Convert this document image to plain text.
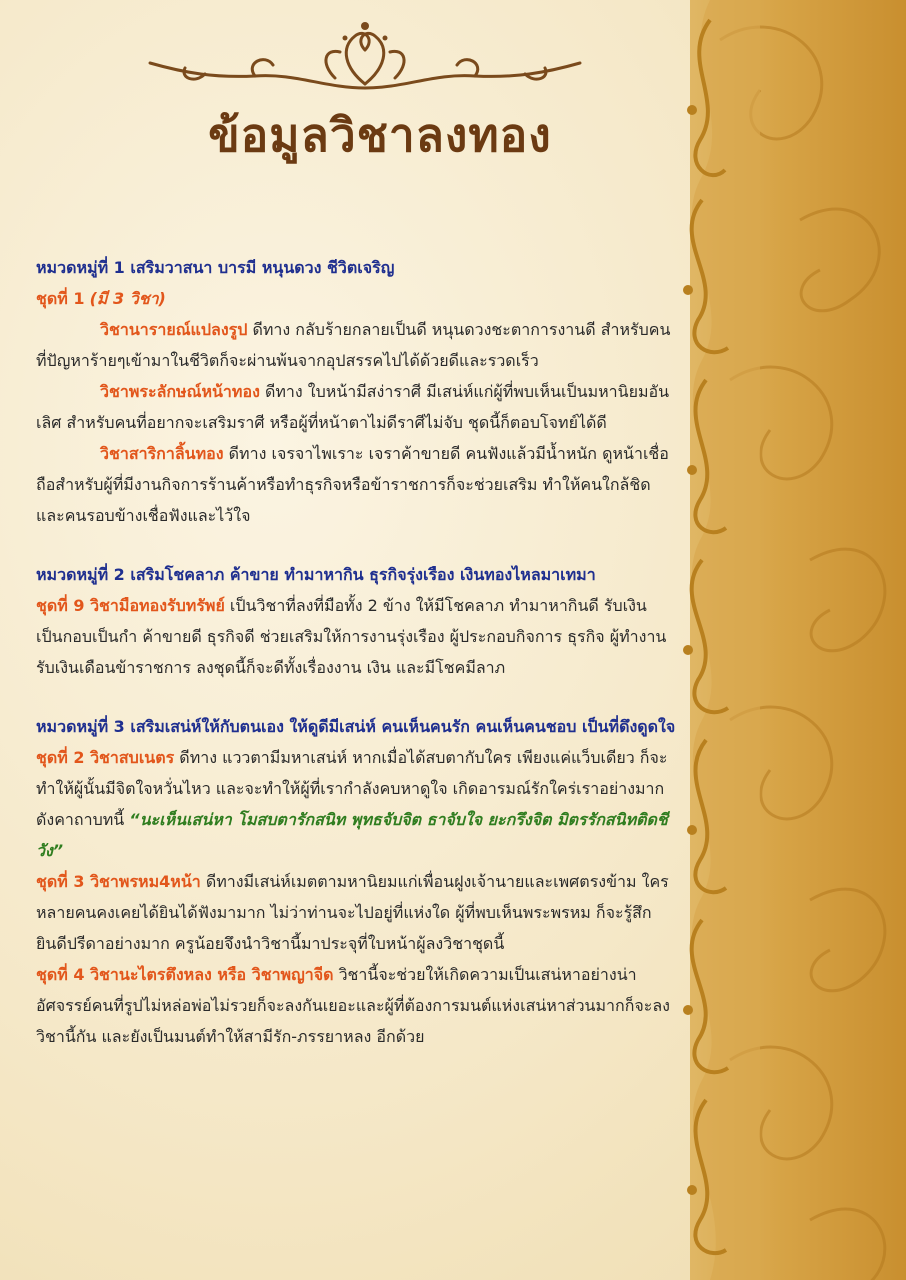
ข้อมูลวิชาลงทอง

หมวดหมู่ที่ 1 เสริมวาสนา บารมี หนุนดวง ชีวิตเจริญ

ชุดที่ 1 (มี 3 วิชา)

วิชานารายณ์แปลงรูป ดีทาง กลับร้ายกลายเป็นดี หนุนดวงชะตาการงานดี สำหรับคนที่ปัญหาร้ายๆเข้ามาในชีวิตก็จะผ่านพ้นจากอุปสรรคไปได้ด้วยดีและรวดเร็ว

วิชาพระลักษณ์หน้าทอง ดีทาง ใบหน้ามีสง่าราศี มีเสน่ห์แก่ผู้ที่พบเห็นเป็นมหานิยมอันเลิศ สำหรับคนที่อยากจะเสริมราศี หรือผู้ที่หน้าตาไม่ดีราศีไม่จับ ชุดนี้ก็ตอบโจทย์ได้ดี

วิชาสาริกาลิ้นทอง ดีทาง เจรจาไพเราะ เจราค้าขายดี คนฟังแล้วมีน้ำหนัก ดูหน้าเชื่อถือสำหรับผู้ที่มีงานกิจการร้านค้าหรือทำธุรกิจหรือข้าราชการก็จะช่วยเสริม ทำให้คนใกล้ชิดและคนรอบข้างเชื่อฟังและไว้ใจ

หมวดหมู่ที่ 2 เสริมโชคลาภ ค้าขาย ทำมาหากิน ธุรกิจรุ่งเรือง เงินทองไหลมาเทมา

ชุดที่ 9 วิชามือทองรับทรัพย์ เป็นวิชาที่ลงที่มือทั้ง 2 ข้าง ให้มีโชคลาภ ทำมาหากินดี รับเงินเป็นกอบเป็นกำ ค้าขายดี ธุรกิจดี ช่วยเสริมให้การงานรุ่งเรือง ผู้ประกอบกิจการ ธุรกิจ ผู้ทำงานรับเงินเดือนข้าราชการ ลงชุดนี้ก็จะดีทั้งเรื่องงาน เงิน และมีโชคมีลาภ

หมวดหมู่ที่ 3 เสริมเสน่ห์ให้กับตนเอง ให้ดูดีมีเสน่ห์ คนเห็นคนรัก คนเห็นคนชอบ เป็นที่ดึงดูดใจ

ชุดที่ 2 วิชาสบเนตร ดีทาง แววตามีมหาเสน่ห์ หากเมื่อได้สบตากับใคร เพียงแค่แว็บเดียว ก็จะทำให้ผู้นั้นมีจิตใจหวั่นไหว และจะทำให้ผู้ที่เรากำลังคบหาดูใจ เกิดอารมณ์รักใคร่เราอย่างมาก ดังคาถาบทนี้ “นะเห็นเสน่หา โมสบตารักสนิท พุทธจับจิต ธาจับใจ ยะกรึงจิต มิตรรักสนิทติดชีวัง”

ชุดที่ 3 วิชาพรหม4หน้า ดีทางมีเสน่ห์เมตตามหานิยมแก่เพื่อนฝูงเจ้านายและเพศตรงข้าม ใครหลายคนคงเคยได้ยินได้ฟังมามาก ไม่ว่าท่านจะไปอยู่ที่แห่งใด ผู้ที่พบเห็นพระพรหม ก็จะรู้สึกยินดีปรีดาอย่างมาก ครูน้อยจึงนำวิชานี้มาประจุที่ใบหน้าผู้ลงวิชาชุดนี้

ชุดที่ 4 วิชานะไตรตึงหลง หรือ วิชาพญาจีด วิชานี้จะช่วยให้เกิดความเป็นเสน่หาอย่างน่าอัศจรรย์คนที่รูปไม่หล่อพ่อไม่รวยก็จะลงกันเยอะและผู้ที่ต้องการมนต์แห่งเสน่หาส่วนมากก็จะลงวิชานี้กัน และยังเป็นมนต์ทำให้สามีรัก-ภรรยาหลง อีกด้วย
